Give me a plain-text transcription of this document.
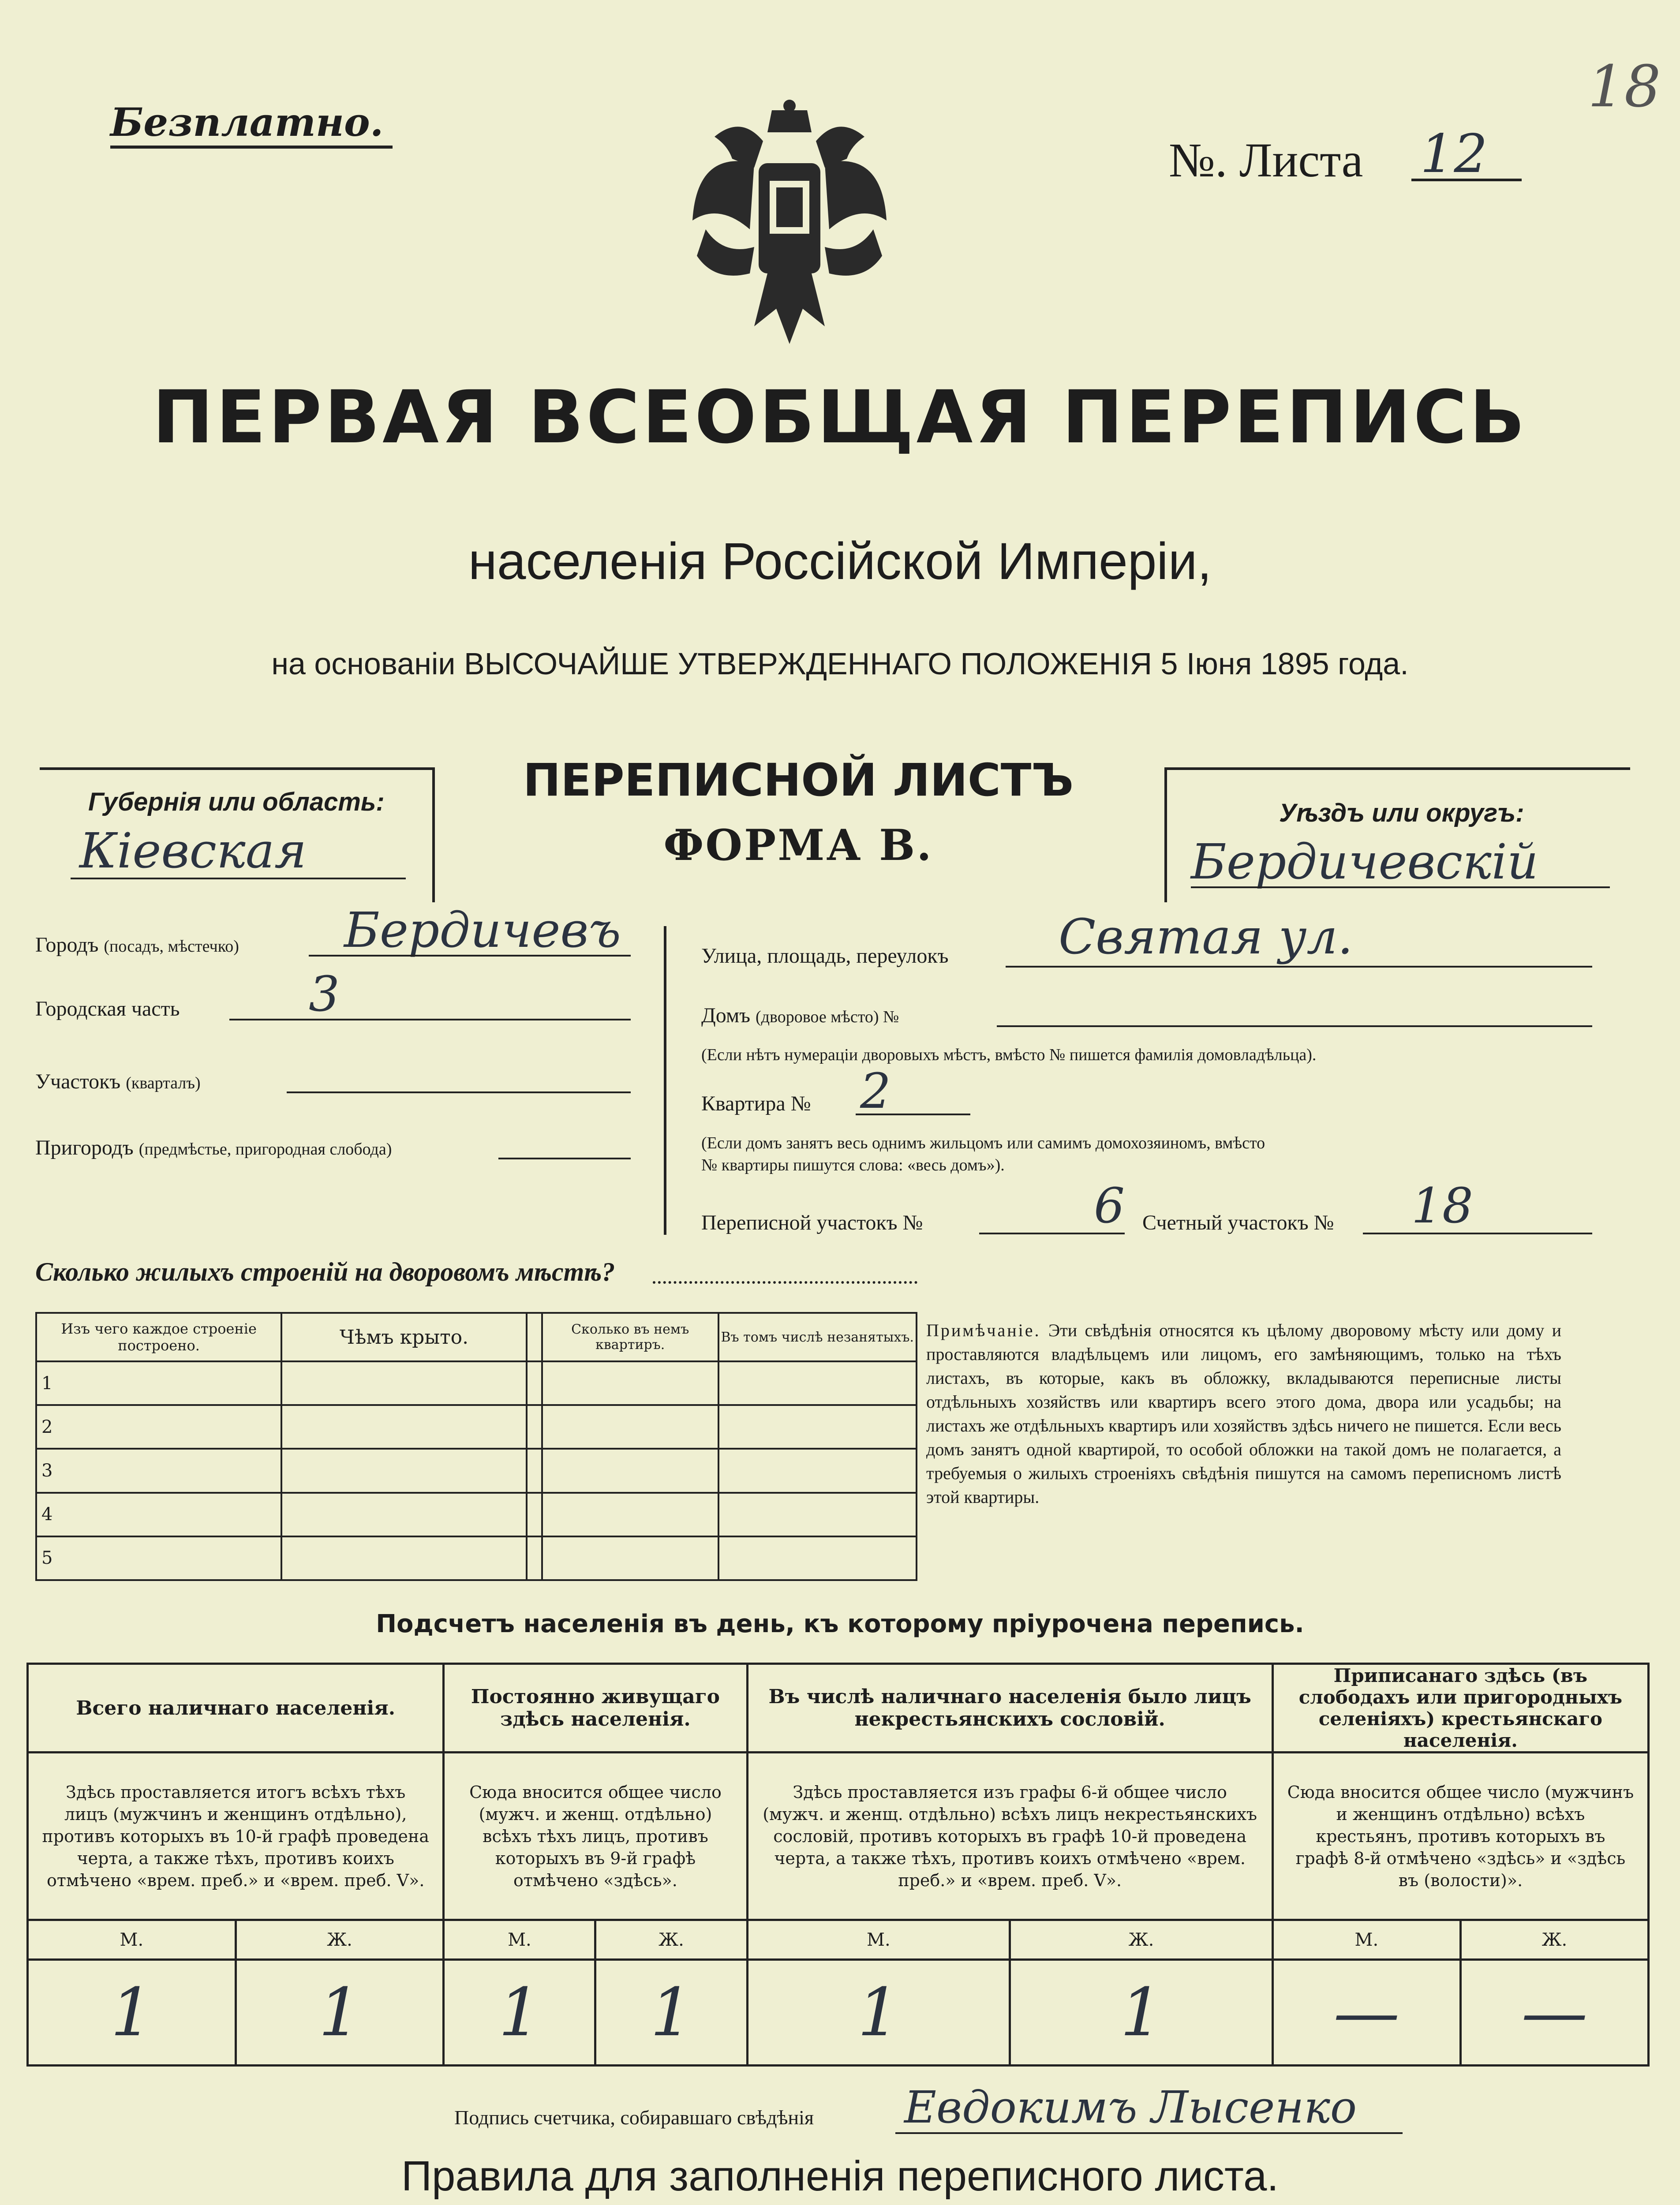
Безплатно.
№. Листа 12
18
ПЕРВАЯ ВСЕОБЩАЯ ПЕРЕПИСЬ
населенія Россійской Имперіи,
на основаніи ВЫСОЧАЙШЕ УТВЕРЖДЕННАГО ПОЛОЖЕНІЯ 5 Іюня 1895 года.
Губернія или область:
Кіевская
ПЕРЕПИСНОЙ ЛИСТЪ
ФОРМА В.
Уѣздъ или округъ:
Бердичевскій
Городъ (посадъ, мѣстечко) Бердичевъ
Городская часть	3
Участокъ (кварталъ)
Пригородъ (предмѣстье, пригородная слобода)
Улица, площадь, переулокъ Святая ул.
Домъ (дворовое мѣсто) №
(Если нѣтъ нумераціи дворовыхъ мѣстъ, вмѣсто № пишется фамилія домовладѣльца).
Квартира № 2
(Если домъ занятъ весь однимъ жильцомъ или самимъ домохозяиномъ, вмѣсто
№ квартиры пишутся слова: «весь домъ»).
Переписной участокъ №	6 Счетный участокъ № 18
Сколько жилыхъ строеній на дворовомъ мѣстѣ?
Изъ чего каждое строеніе построено.	Чѣмъ крыто.		Сколько въ немъ квартиръ.	Въ томъ числѣ незанятыхъ.
1				
2				
3				
4				
5				
Примѣчаніе. Эти свѣдѣнія относятся къ цѣлому дворовому мѣсту или дому и проставляются владѣльцемъ или лицомъ, его замѣняющимъ, только на тѣхъ листахъ, въ которые, какъ въ обложку, вкладываются переписные листы отдѣльныхъ хозяйствъ или квартиръ всего этого дома, двора или усадьбы; на листахъ же отдѣльныхъ квартиръ или хозяйствъ здѣсь ничего не пишется. Если весь домъ занятъ одной квартирой, то особой обложки на такой домъ не полагается, а требуемыя о жилыхъ строеніяхъ свѣдѣнія пишутся на самомъ переписномъ листѣ этой квартиры.
Подсчетъ населенія въ день, къ которому пріурочена перепись.
Всего наличнаго населенія.		Постоянно живущаго здѣсь населенія.		Въ числѣ наличнаго населенія было лицъ некрестьянскихъ сословій.		Приписанаго здѣсь (въ слободахъ или пригородныхъ селеніяхъ) крестьянскаго населенія.	
Здѣсь проставляется итогъ всѣхъ тѣхъ лицъ (мужчинъ и женщинъ отдѣльно), противъ которыхъ въ 10-й графѣ проведена черта, а также тѣхъ, противъ коихъ отмѣчено «врем. преб.» и «врем. преб. V».		Сюда вносится общее число (мужч. и женщ. отдѣльно) всѣхъ тѣхъ лицъ, противъ которыхъ въ 9-й графѣ отмѣчено «здѣсь».		Здѣсь проставляется изъ графы 6-й общее число (мужч. и женщ. отдѣльно) всѣхъ лицъ некрестьянскихъ сословій, противъ которыхъ въ графѣ 10-й проведена черта, а также тѣхъ, противъ коихъ отмѣчено «врем. преб.» и «врем. преб. V».		Сюда вносится общее число (мужчинъ и женщинъ отдѣльно) всѣхъ крестьянъ, противъ которыхъ въ графѣ 8-й отмѣчено «здѣсь» и «здѣсь въ (волости)».	
М.	Ж.	М.	Ж.	М.	Ж.	М.	Ж.
1	1	1	1	1	1	—	—
Подпись счетчика, собиравшаго свѣдѣнія Евдокимъ Лысенко
Правила для заполненія переписного листа.
